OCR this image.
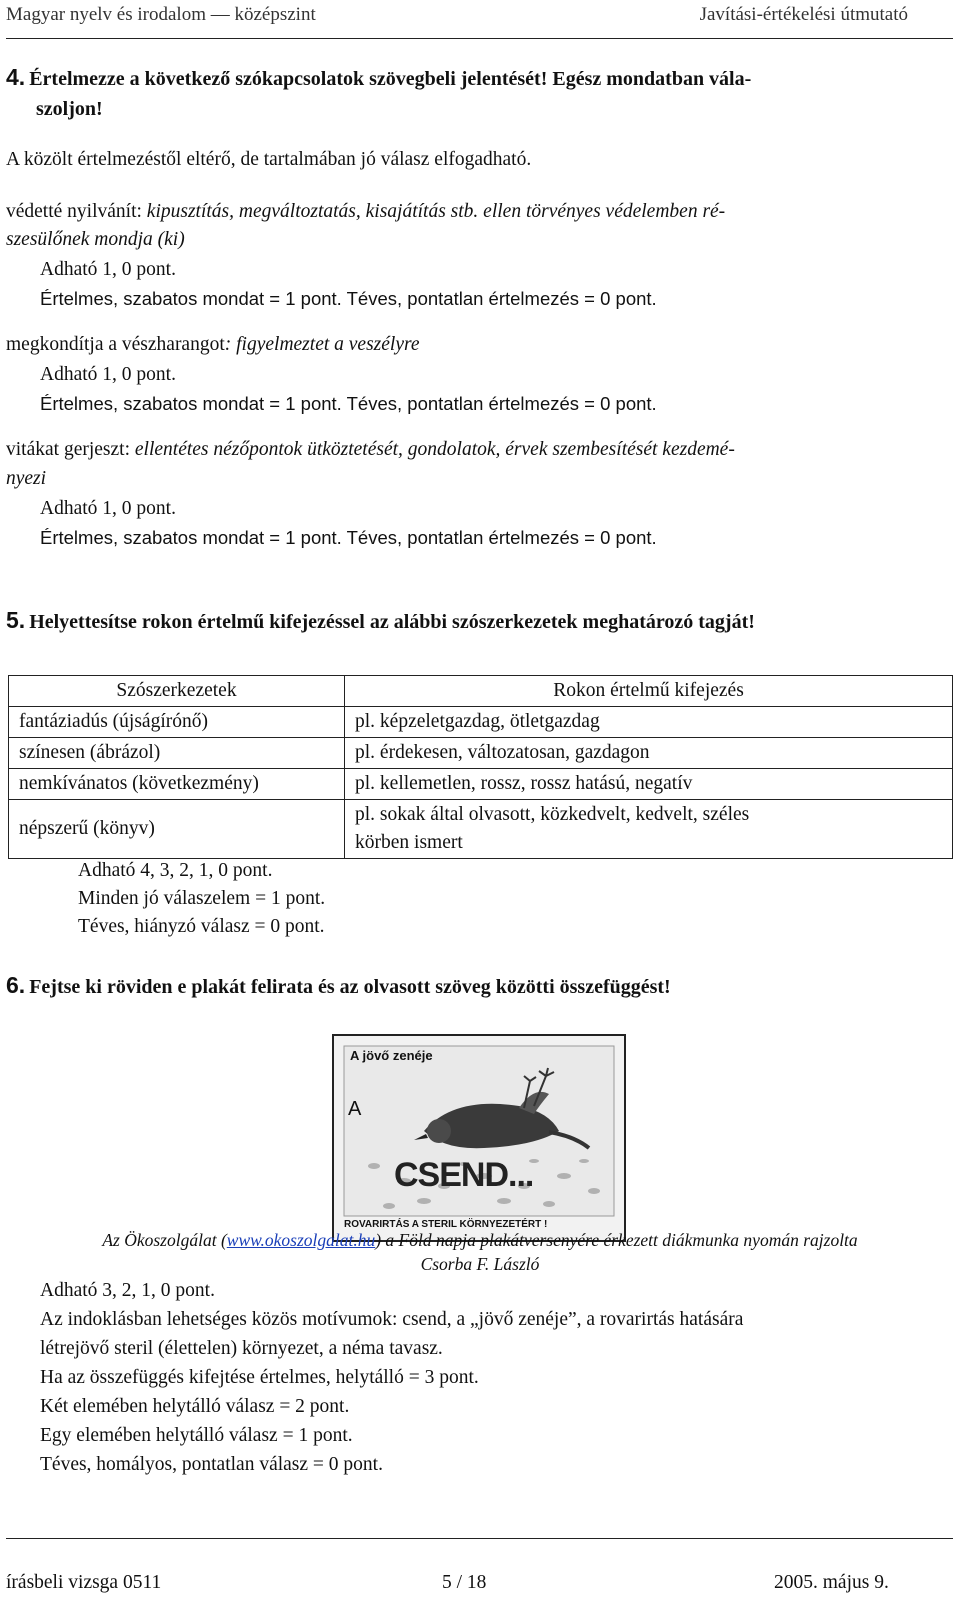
Magyar nyelv és irodalom — középszint	Javítási-értékelési útmutató
4. Értelmezze a következő szókapcsolatok szövegbeli jelentését! Egész mondatban vála-
szoljon!
A közölt értelmezéstől eltérő, de tartalmában jó válasz elfogadható.
védetté nyilvánít: kipusztítás, megváltoztatás, kisajátítás stb. ellen törvényes védelemben ré-
szesülőnek mondja (ki)
Adható 1, 0 pont.
Értelmes, szabatos mondat = 1 pont. Téves, pontatlan értelmezés = 0 pont.
megkondítja a vészharangot: figyelmeztet a veszélyre
Adható 1, 0 pont.
Értelmes, szabatos mondat = 1 pont. Téves, pontatlan értelmezés = 0 pont.
vitákat gerjeszt: ellentétes nézőpontok ütköztetését, gondolatok, érvek szembesítését kezdemé-
nyezi
Adható 1, 0 pont.
Értelmes, szabatos mondat = 1 pont. Téves, pontatlan értelmezés = 0 pont.
5. Helyettesítse rokon értelmű kifejezéssel az alábbi szószerkezetek meghatározó tagját!
Szószerkezetek	Rokon értelmű kifejezés
fantáziadús (újságírónő)	pl. képzeletgazdag, ötletgazdag
színesen (ábrázol)	pl. érdekesen, változatosan, gazdagon
nemkívánatos (következmény)	pl. kellemetlen, rossz, rossz hatású, negatív
népszerű (könyv)	pl. sokak által olvasott, közkedvelt, kedvelt, széles
körben ismert
Adható 4, 3, 2, 1, 0 pont.
Minden jó válaszelem = 1 pont.
Téves, hiányzó válasz = 0 pont.
6. Fejtse ki röviden e plakát felirata és az olvasott szöveg közötti összefüggést!
A jövő zenéje
A
CSEND...
ROVARIRTÁS A STERIL KÖRNYEZETÉRT !
Az Ökoszolgálat (www.okoszolgalat.hu) a Föld napja plakátversenyére érkezett diákmunka nyomán rajzolta
Csorba F. László
Adható 3, 2, 1, 0 pont.
Az indoklásban lehetséges közös motívumok: csend, a „jövő zenéje”, a rovarirtás hatására
létrejövő steril (élettelen) környezet, a néma tavasz.
Ha az összefüggés kifejtése értelmes, helytálló = 3 pont.
Két elemében helytálló válasz = 2 pont.
Egy elemében helytálló válasz = 1 pont.
Téves, homályos, pontatlan válasz = 0 pont.
írásbeli vizsga 0511	5 / 18	2005. május 9.
